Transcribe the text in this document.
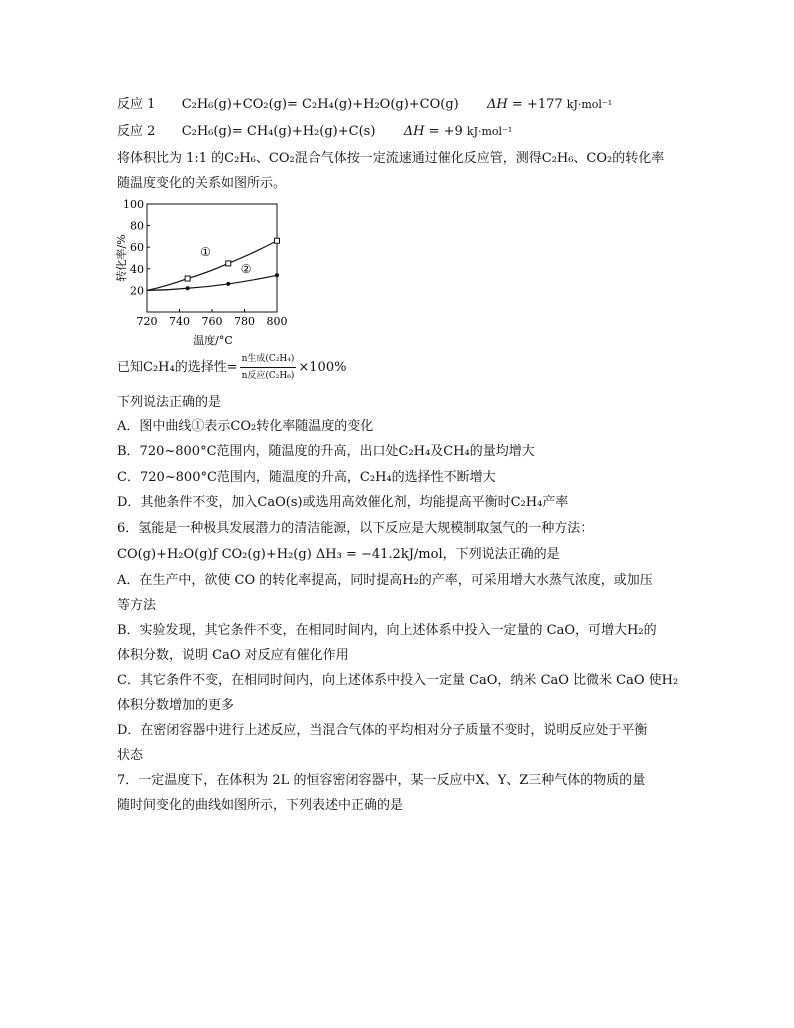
反应 1 C₂H₆(g)+CO₂(g)= C₂H₄(g)+H₂O(g)+CO(g) ΔH = +177 kJ·mol⁻¹
反应 2 C₂H₆(g)= CH₄(g)+H₂(g)+C(s) ΔH = +9 kJ·mol⁻¹
将体积比为 1:1 的C₂H₆、CO₂混合气体按一定流速通过催化反应管，测得C₂H₆、CO₂的转化率
随温度变化的关系如图所示。
720 740 760 780 800
20
40
60
80
100
①
②
转化率/%
温度/°C
已知C₂H₄的选择性= $\frac{\text{n生成(C₂H₄)}}{\text{n反应(C₂H₆)}} \times 100\%$
下列说法正确的是
A．图中曲线①表示CO₂转化率随温度的变化
B．720~800°C范围内，随温度的升高，出口处C₂H₄及CH₄的量均增大
C．720~800°C范围内，随温度的升高，C₂H₄的选择性不断增大
D．其他条件不变，加入CaO(s)或选用高效催化剂，均能提高平衡时C₂H₄产率
6．氢能是一种极具发展潜力的清洁能源，以下反应是大规模制取氢气的一种方法：
CO(g)+H₂O(g)ƒ CO₂(g)+H₂(g) ΔH₃ = −41.2kJ/mol，下列说法正确的是
A．在生产中，欲使 CO 的转化率提高，同时提高H₂的产率，可采用增大水蒸气浓度，或加压
等方法
B．实验发现，其它条件不变，在相同时间内，向上述体系中投入一定量的 CaO，可增大H₂的
体积分数，说明 CaO 对反应有催化作用
C．其它条件不变，在相同时间内，向上述体系中投入一定量 CaO，纳米 CaO 比微米 CaO 使H₂
体积分数增加的更多
D．在密闭容器中进行上述反应，当混合气体的平均相对分子质量不变时，说明反应处于平衡
状态
7．一定温度下，在体积为 2L 的恒容密闭容器中，某一反应中X、Y、Z三种气体的物质的量
随时间变化的曲线如图所示，下列表述中正确的是
